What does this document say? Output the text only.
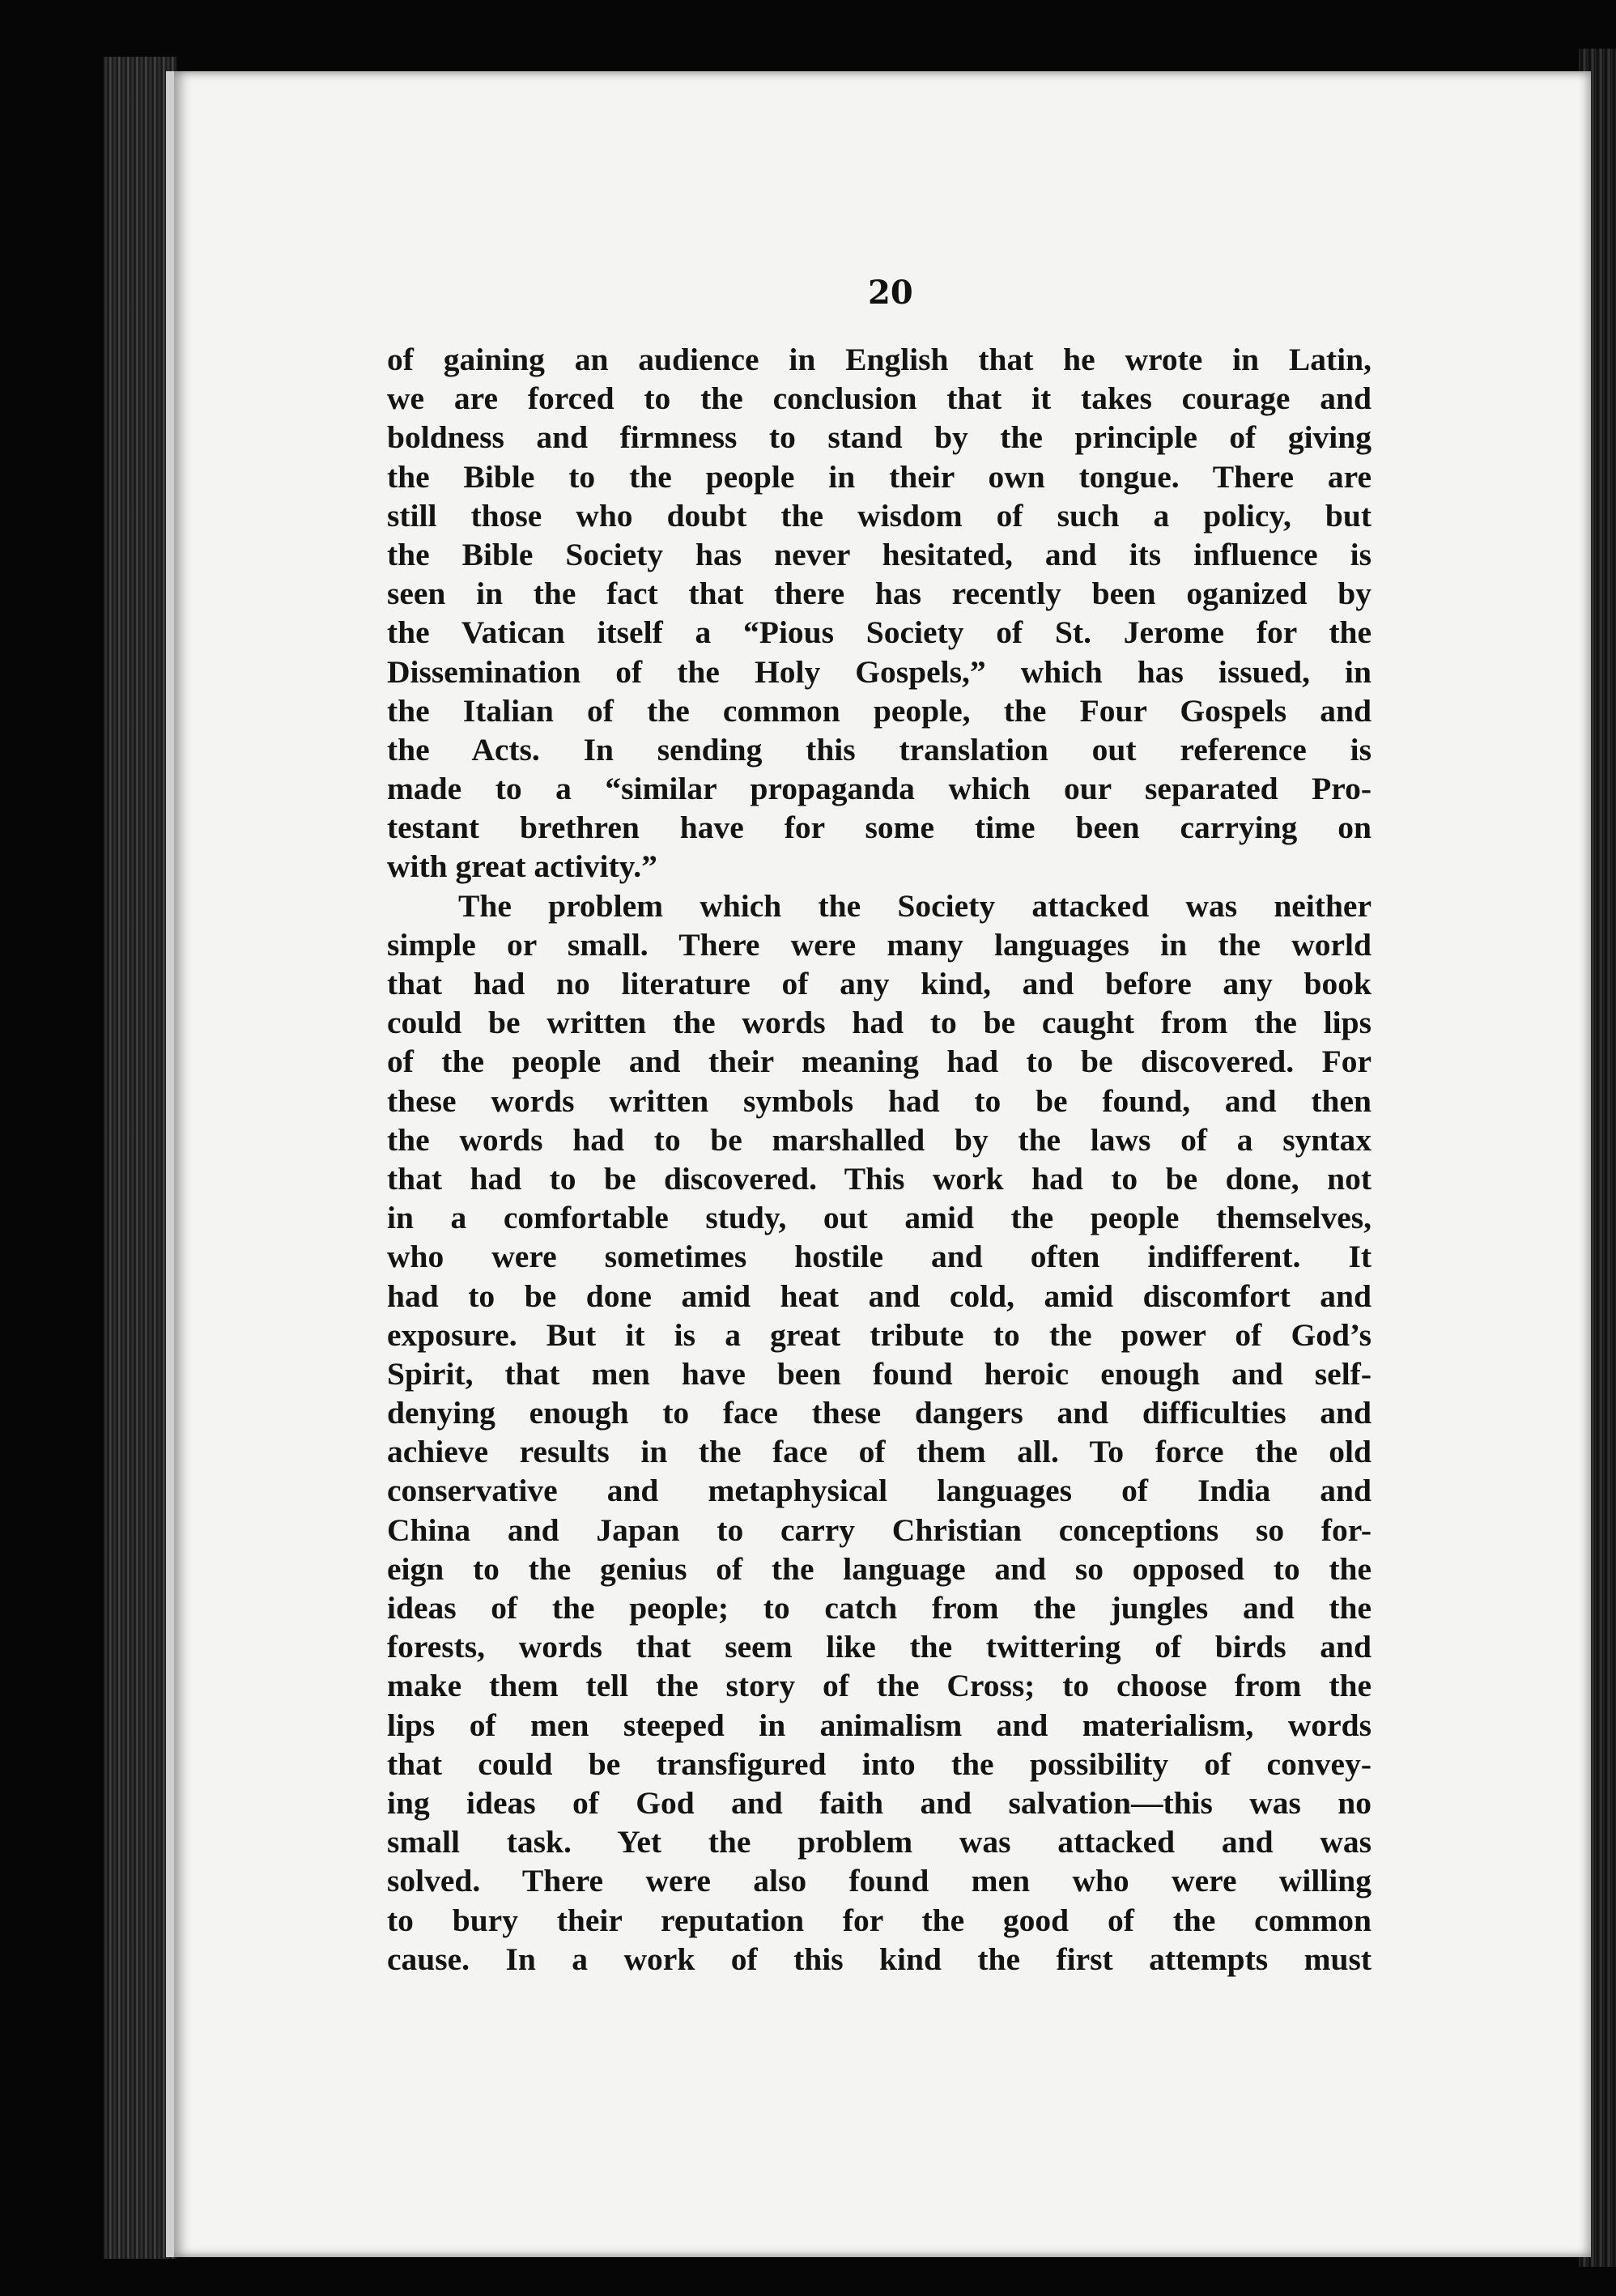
20
of gaining an audience in English that he wrote in Latin,
we are forced to the conclusion that it takes courage and
boldness and firmness to stand by the principle of giving
the Bible to the people in their own tongue. There are
still those who doubt the wisdom of such a policy, but
the Bible Society has never hesitated, and its influence is
seen in the fact that there has recently been oganized by
the Vatican itself a “Pious Society of St. Jerome for the
Dissemination of the Holy Gospels,” which has issued, in
the Italian of the common people, the Four Gospels and
the Acts. In sending this translation out reference is
made to a “similar propaganda which our separated Pro-
testant brethren have for some time been carrying on
with great activity.”
The problem which the Society attacked was neither
simple or small. There were many languages in the world
that had no literature of any kind, and before any book
could be written the words had to be caught from the lips
of the people and their meaning had to be discovered. For
these words written symbols had to be found, and then
the words had to be marshalled by the laws of a syntax
that had to be discovered. This work had to be done, not
in a comfortable study, out amid the people themselves,
who were sometimes hostile and often indifferent. It
had to be done amid heat and cold, amid discomfort and
exposure. But it is a great tribute to the power of God’s
Spirit, that men have been found heroic enough and self-
denying enough to face these dangers and difficulties and
achieve results in the face of them all. To force the old
conservative and metaphysical languages of India and
China and Japan to carry Christian conceptions so for-
eign to the genius of the language and so opposed to the
ideas of the people; to catch from the jungles and the
forests, words that seem like the twittering of birds and
make them tell the story of the Cross; to choose from the
lips of men steeped in animalism and materialism, words
that could be transfigured into the possibility of convey-
ing ideas of God and faith and salvation—this was no
small task. Yet the problem was attacked and was
solved. There were also found men who were willing
to bury their reputation for the good of the common
cause. In a work of this kind the first attempts must
